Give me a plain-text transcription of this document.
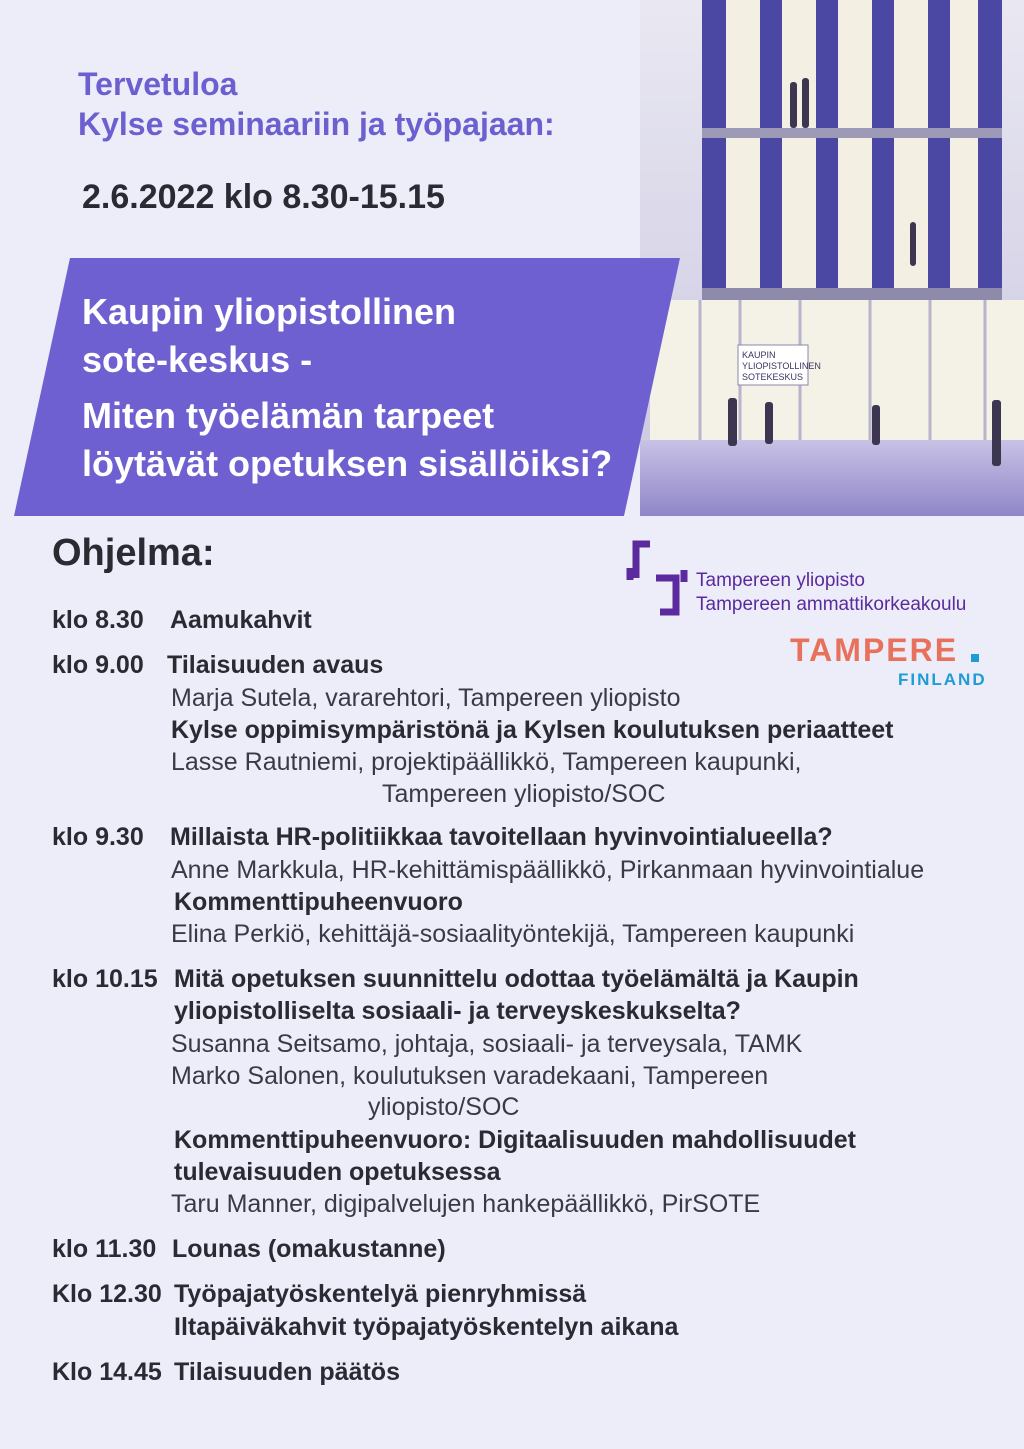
Tervetuloa
Kylse seminaariin ja työpajaan:
2.6.2022 klo 8.30-15.15
KAUPIN
YLIOPISTOLLINEN
SOTEKESKUS
Kaupin yliopistollinen
sote-keskus -
Miten työelämän tarpeet
löytävät opetuksen sisällöiksi?
Ohjelma:
Tampereen yliopisto
Tampereen ammattikorkeakoulu
TAMPERE
FINLAND
klo 8.30 Aamukahvit
klo 9.00 Tilaisuuden avaus
Marja Sutela, vararehtori, Tampereen yliopisto
Kylse oppimisympäristönä ja Kylsen koulutuksen periaatteet
Lasse Rautniemi, projektipäällikkö, Tampereen kaupunki,
Tampereen yliopisto/SOC
klo 9.30 Millaista HR-politiikkaa tavoitellaan hyvinvointialueella?
Anne Markkula, HR-kehittämispäällikkö, Pirkanmaan hyvinvointialue
Kommenttipuheenvuoro
Elina Perkiö, kehittäjä-sosiaalityöntekijä, Tampereen kaupunki
klo 10.15 Mitä opetuksen suunnittelu odottaa työelämältä ja Kaupin
yliopistolliselta sosiaali- ja terveyskeskukselta?
Susanna Seitsamo, johtaja, sosiaali- ja terveysala, TAMK
Marko Salonen, koulutuksen varadekaani, Tampereen
yliopisto/SOC
Kommenttipuheenvuoro: Digitaalisuuden mahdollisuudet
tulevaisuuden opetuksessa
Taru Manner, digipalvelujen hankepäällikkö, PirSOTE
klo 11.30 Lounas (omakustanne)
Klo 12.30 Työpajatyöskentelyä pienryhmissä
Iltapäiväkahvit työpajatyöskentelyn aikana
Klo 14.45 Tilaisuuden päätös
